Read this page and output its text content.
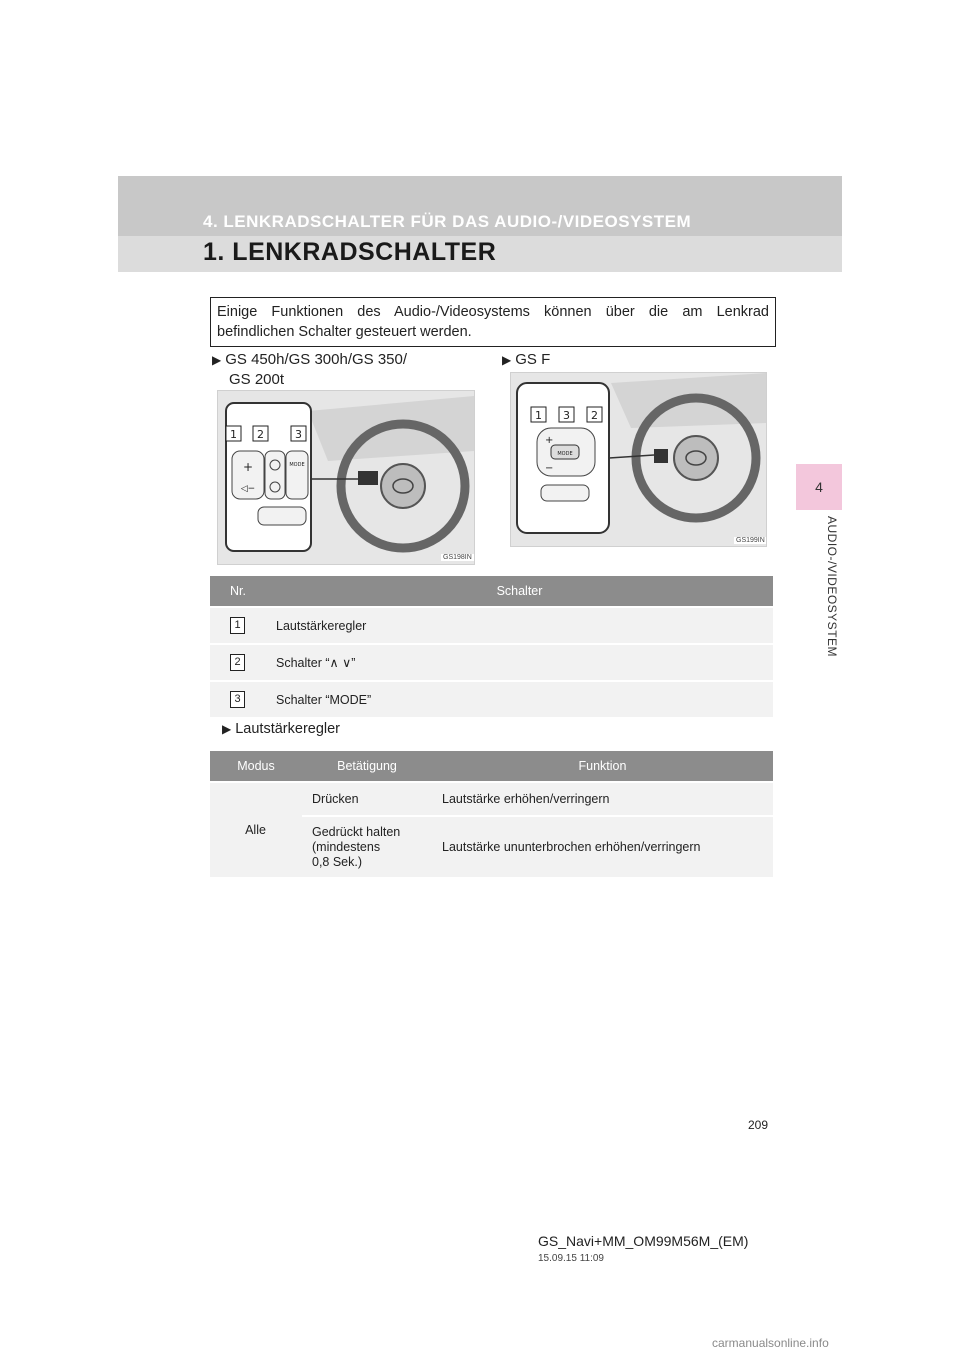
4. LENKRADSCHALTER FÜR DAS AUDIO-/VIDEOSYSTEM
1. LENKRADSCHALTER
4
AUDIO-/VIDEOSYSTEM
Einige Funktionen des Audio-/Videosystems können über die am Lenkrad befindlichen Schalter gesteuert werden.
▶ GS 450h/GS 300h/GS 350/
GS 200t
▶ GS F
+
◁−
MODE
1 2	3
GS198IN
MODE
+
−
1 3 2
GS199IN
Nr.	Schalter
1	Lautstärkeregler
2	Schalter “∧ ∨”
3	Schalter “MODE”
▶ Lautstärkeregler
Modus	Betätigung	Funktion
Alle	Drücken	Lautstärke erhöhen/verringern
	Gedrückt halten
(mindestens
0,8 Sek.)	Lautstärke ununterbrochen erhöhen/verringern
209
GS_Navi+MM_OM99M56M_(EM)
15.09.15 11:09
carmanualsonline.info
